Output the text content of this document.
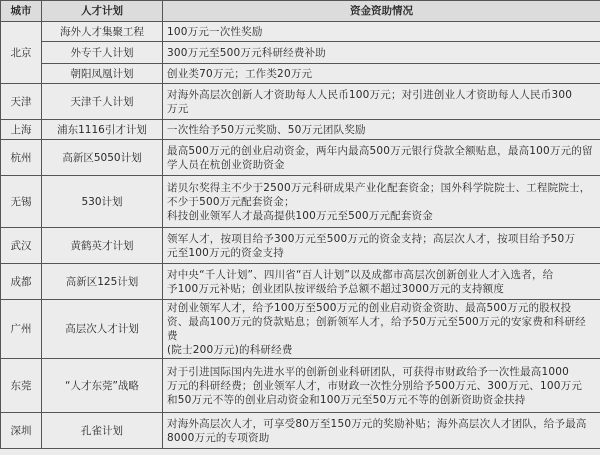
城市	人才计划	资金资助情况
北京	海外人才集聚工程	100万元一次性奖励

	外专千人计划	300万元至500万元科研经费补助

	朝阳凤凰计划	创业类70万元；工作类20万元

天津	天津千人计划	对海外高层次创新人才资助每人人民币100万元；对引进创业人才资助每人人民币300
万元

上海	浦东1116引才计划	一次性给予50万元奖励、50万元团队奖励

杭州	高新区5050计划	最高500万元的创业启动资金，两年内最高500万元银行贷款全额贴息，最高100万元的留
学人员在杭创业资助资金

无锡	530计划	诺贝尔奖得主不少于2500万元科研成果产业化配套资金；国外科学院院士、工程院院士，
不少于500万元配套资金；
科技创业领军人才最高提供100万元至500万元配套资金

武汉	黄鹤英才计划	领军人才，按项目给予300万元至500万元的资金支持；高层次人才，按项目给予50万
元至100万元的资金支持

成都	高新区125计划	对中央“千人计划”、四川省“百人计划”以及成都市高层次创新创业人才入选者，给
予100万元补贴；创业团队按评级给予总额不超过3000万元的支持额度

广州	高层次人才计划	对创业领军人才，给予100万至500万元的创业启动资金资助、最高500万元的股权投
资、最高100万元的贷款贴息；创新领军人才，给予50万元至500万元的安家费和科研经费
(院士200万元)的科研经费

东莞	“人才东莞”战略	对于引进国际国内先进水平的创新创业科研团队，可获得市财政给予一次性最高1000
万元的科研经费；创业领军人才，市财政一次性分别给予500万元、300万元、100万元
和50万元不等的创业启动资金和100万元至50万元不等的创新资助资金扶持

深圳	孔雀计划	对海外高层次人才，可享受80万至150万元的奖励补贴；海外高层次人才团队，给予最高
8000万元的专项资助
